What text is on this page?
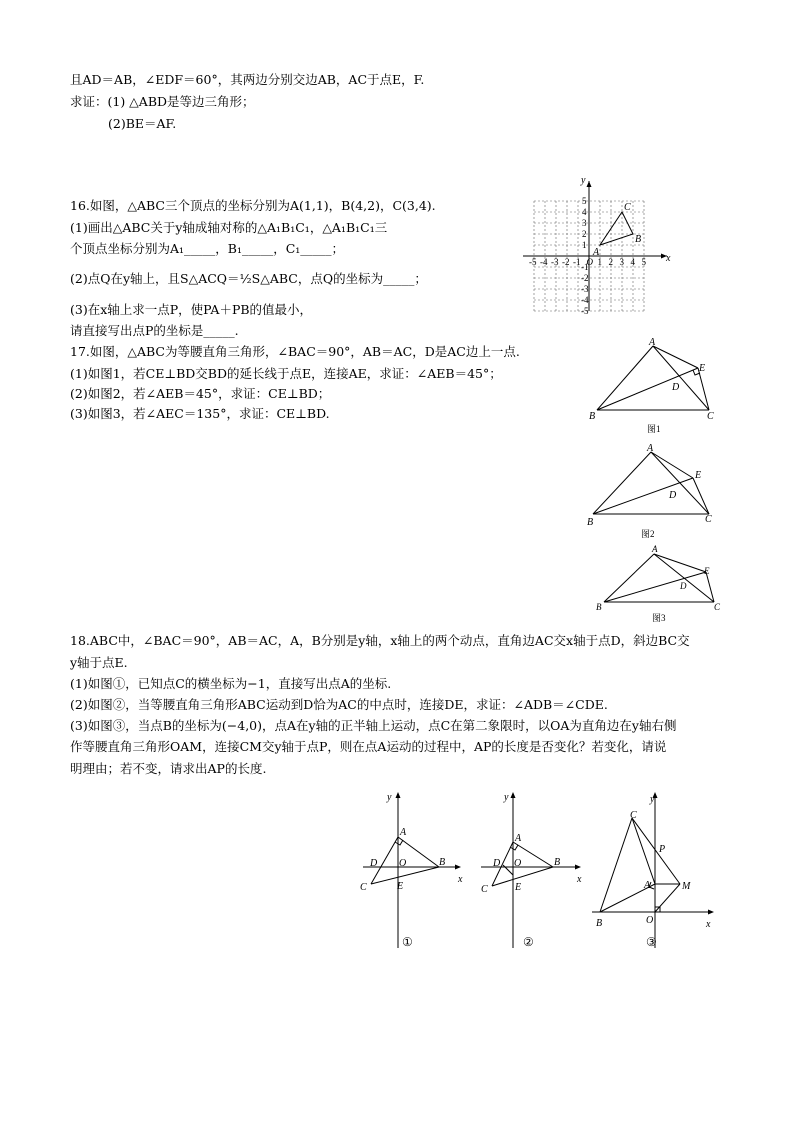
且AD＝AB，∠EDF＝60°，其两边分别交边AB，AC于点E，F.
求证：(1) △ABD是等边三角形；
(2)BE＝AF.
16.如图，△ABC三个顶点的坐标分别为A(1,1)，B(4,2)，C(3,4).
(1)画出△ABC关于y轴成轴对称的△A₁B₁C₁，△A₁B₁C₁三
个顶点坐标分别为A₁_____，B₁_____，C₁_____；
(2)点Q在y轴上，且S△ACQ＝½S△ABC，点Q的坐标为_____；
(3)在x轴上求一点P，使PA＋PB的值最小，
请直接写出点P的坐标是_____.
x
y
-5 -4 -3 -2 -1 O 1 2 3 4 5
5
4
3
2
1
-1
-2
-3
-4
-5
A
B
C
17.如图，△ABC为等腰直角三角形，∠BAC＝90°，AB＝AC，D是AC边上一点.
(1)如图1，若CE⊥BD交BD的延长线于点E，连接AE，求证：∠AEB＝45°；
(2)如图2，若∠AEB＝45°，求证：CE⊥BD；
(3)如图3，若∠AEC＝135°，求证：CE⊥BD.
A
B	C
D
E
图1
A
B	C
D
E
图2
A
B	C
D
E
图3
18.ABC中，∠BAC＝90°，AB＝AC，A，B分别是y轴，x轴上的两个动点，直角边AC交x轴于点D，斜边BC交
y轴于点E.
(1)如图①，已知点C的横坐标为−1，直接写出点A的坐标.
(2)如图②，当等腰直角三角形ABC运动到D恰为AC的中点时，连接DE，求证：∠ADB＝∠CDE.
(3)如图③，当点B的坐标为(−4,0)，点A在y轴的正半轴上运动，点C在第二象限时，以OA为直角边在y轴右侧
作等腰直角三角形OAM，连接CM交y轴于点P，则在点A运动的过程中，AP的长度是否变化？若变化，请说
明理由；若不变，请求出AP的长度.
x
y
A
B
C
D
E
O
①
x
y
A
B
C
D
E
O
②
x
y
A
B
C
M
O
P
③
